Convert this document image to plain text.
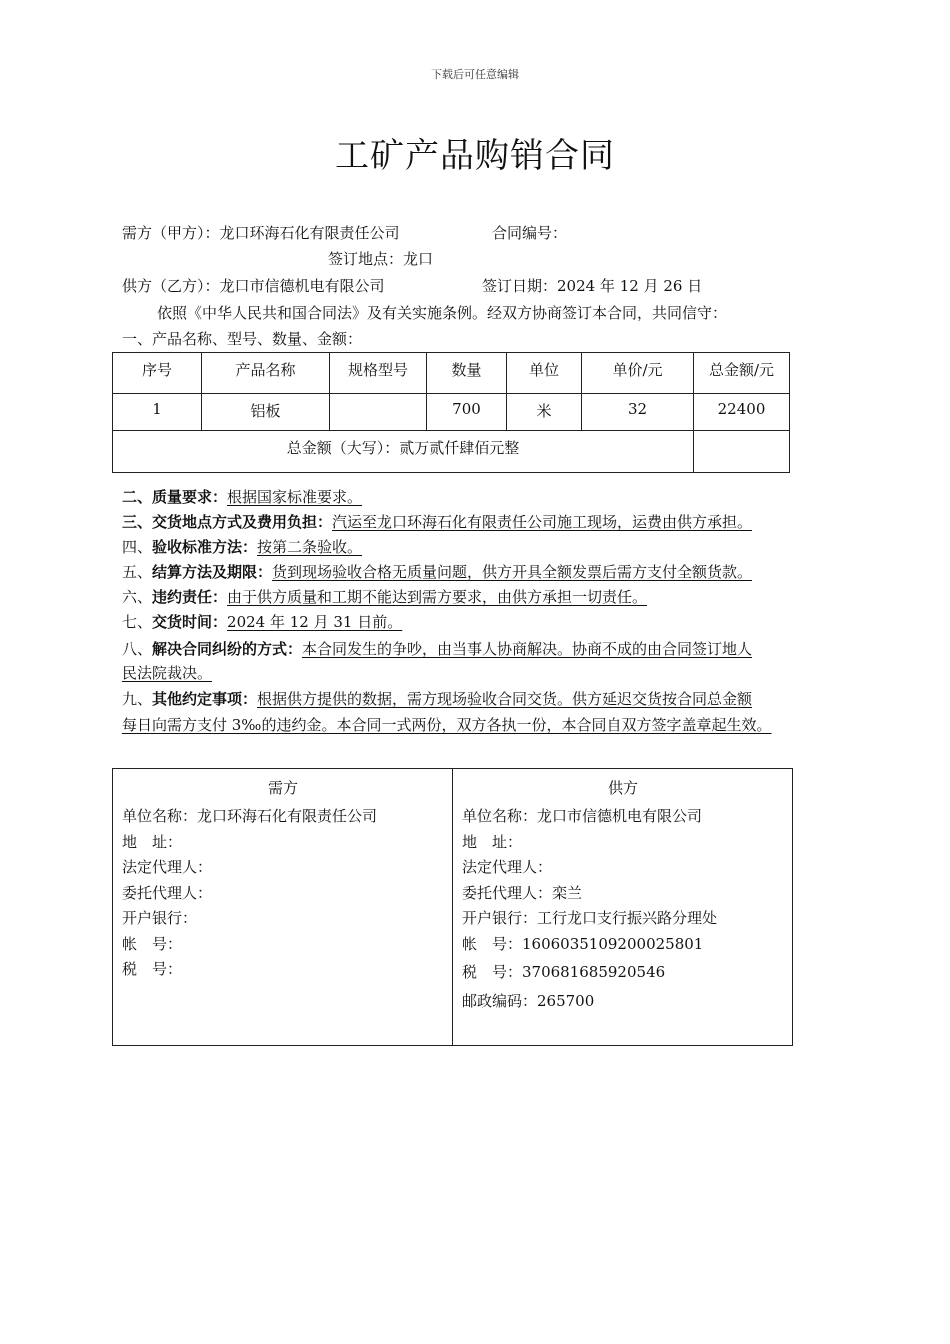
下载后可任意编辑
工矿产品购销合同
需方（甲方）：龙口环海石化有限责任公司	合同编号：
签订地点：龙口
供方（乙方）：龙口市信德机电有限公司	签订日期：2024 年 12 月 26 日
依照《中华人民共和国合同法》及有关实施条例。经双方协商签订本合同，共同信守：
一、产品名称、型号、数量、金额：
序号	产品名称	规格型号	数量	单位	单价/元	总金额/元
1	铝板		700	米	32	22400
总金额（大写）：贰万贰仟肆佰元整						
二、质量要求：根据国家标准要求。
三、交货地点方式及费用负担：汽运至龙口环海石化有限责任公司施工现场，运费由供方承担。
四、验收标准方法：按第二条验收。
五、结算方法及期限：货到现场验收合格无质量问题，供方开具全额发票后需方支付全额货款。
六、违约责任：由于供方质量和工期不能达到需方要求，由供方承担一切责任。
七、交货时间：2024 年 12 月 31 日前。
八、解决合同纠纷的方式：本合同发生的争吵，由当事人协商解决。协商不成的由合同签订地人
民法院裁决。
九、其他约定事项：根据供方提供的数据，需方现场验收合同交货。供方延迟交货按合同总金额
每日向需方支付 3‰的违约金。本合同一式两份，双方各执一份，本合同自双方签字盖章起生效。
需方
单位名称：龙口环海石化有限责任公司
地　址：
法定代理人：
委托代理人：
开户银行：
帐　号：
税　号：

供方
单位名称：龙口市信德机电有限公司
地　址：
法定代理人：
委托代理人：栾兰
开户银行：工行龙口支行振兴路分理处
帐　号：1606035109200025801
税　号：370681685920546
邮政编码：265700
